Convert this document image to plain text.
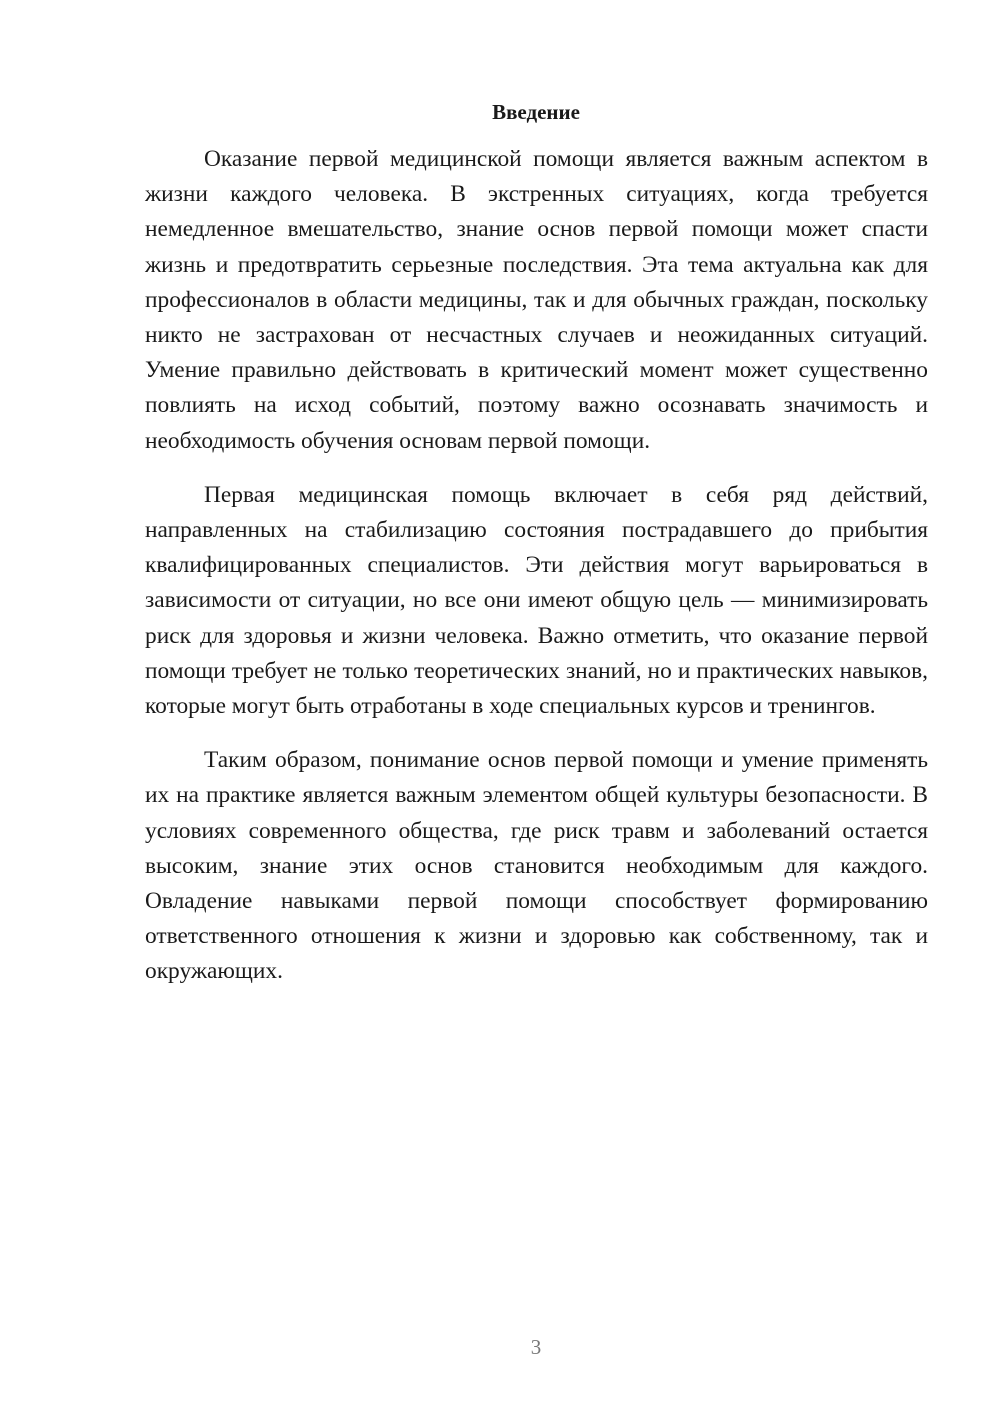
Введение

Оказание первой медицинской помощи является важным аспектом в жизни каждого человека. В экстренных ситуациях, когда требуется немедленное вмешательство, знание основ первой помощи может спасти жизнь и предотвратить серьезные последствия. Эта тема актуальна как для профессионалов в области медицины, так и для обычных граждан, поскольку никто не застрахован от несчастных случаев и неожиданных ситуаций. Умение правильно действовать в критический момент может существенно повлиять на исход событий, поэтому важно осознавать значимость и необходимость обучения основам первой помощи.

Первая медицинская помощь включает в себя ряд действий, направленных на стабилизацию состояния пострадавшего до прибытия квалифицированных специалистов. Эти действия могут варьироваться в зависимости от ситуации, но все они имеют общую цель — минимизировать риск для здоровья и жизни человека. Важно отметить, что оказание первой помощи требует не только теоретических знаний, но и практических навыков, которые могут быть отработаны в ходе специальных курсов и тренингов.

Таким образом, понимание основ первой помощи и умение применять их на практике является важным элементом общей культуры безопасности. В условиях современного общества, где риск травм и заболеваний остается высоким, знание этих основ становится необходимым для каждого. Овладение навыками первой помощи способствует формированию ответственного отношения к жизни и здоровью как собственному, так и окружающих.

3
